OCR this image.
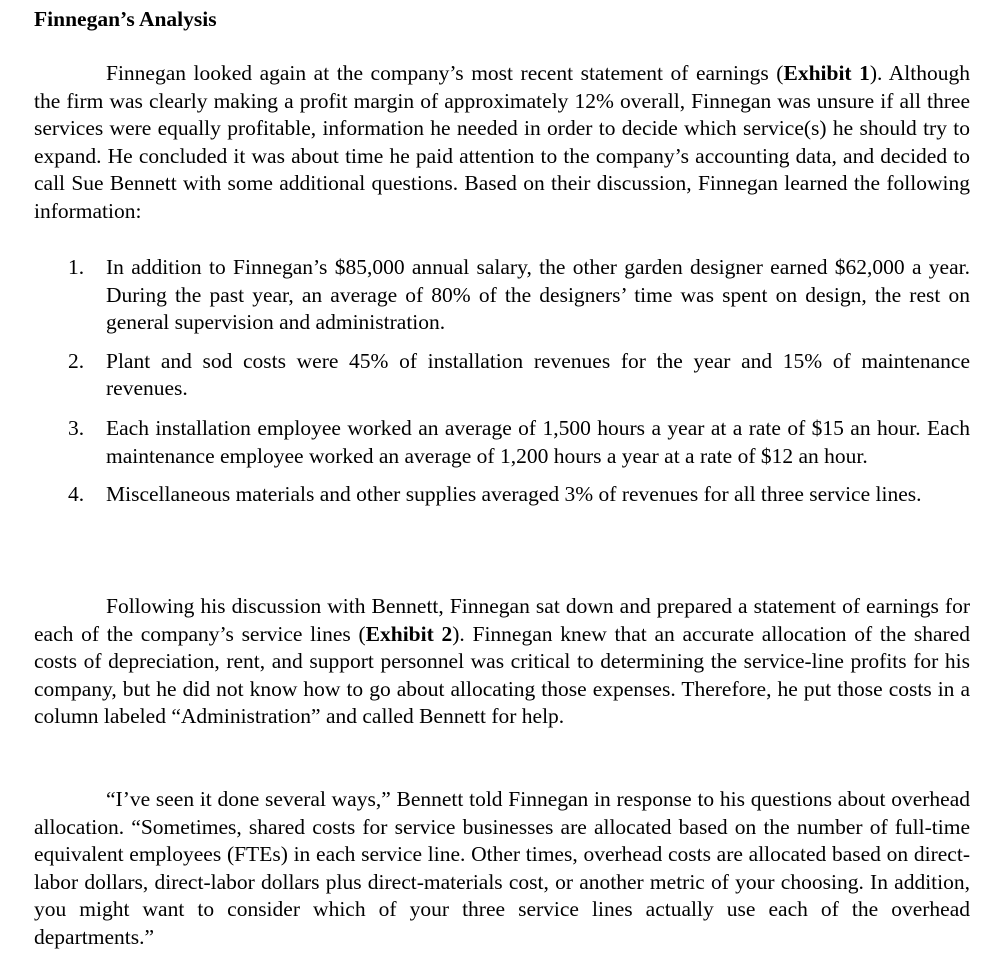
Finnegan’s Analysis

Finnegan looked again at the company’s most recent statement of earnings (Exhibit 1). Although the firm was clearly making a profit margin of approximately 12% overall, Finnegan was unsure if all three services were equally profitable, information he needed in order to decide which service(s) he should try to expand. He concluded it was about time he paid attention to the company’s accounting data, and decided to call Sue Bennett with some additional questions. Based on their discussion, Finnegan learned the following information:

1. In addition to Finnegan’s $85,000 annual salary, the other garden designer earned $62,000 a year. During the past year, an average of 80% of the designers’ time was spent on design, the rest on general supervision and administration.
2. Plant and sod costs were 45% of installation revenues for the year and 15% of maintenance revenues.
3. Each installation employee worked an average of 1,500 hours a year at a rate of $15 an hour. Each maintenance employee worked an average of 1,200 hours a year at a rate of $12 an hour.
4. Miscellaneous materials and other supplies averaged 3% of revenues for all three service lines.

Following his discussion with Bennett, Finnegan sat down and prepared a statement of earnings for each of the company’s service lines (Exhibit 2). Finnegan knew that an accurate allocation of the shared costs of depreciation, rent, and support personnel was critical to determining the service-line profits for his company, but he did not know how to go about allocating those expenses. Therefore, he put those costs in a column labeled “Administration” and called Bennett for help.

“I’ve seen it done several ways,” Bennett told Finnegan in response to his questions about overhead allocation. “Sometimes, shared costs for service businesses are allocated based on the number of full-time equivalent employees (FTEs) in each service line. Other times, overhead costs are allocated based on direct-labor dollars, direct-labor dollars plus direct-materials cost, or another metric of your choosing. In addition, you might want to consider which of your three service lines actually use each of the overhead departments.”
